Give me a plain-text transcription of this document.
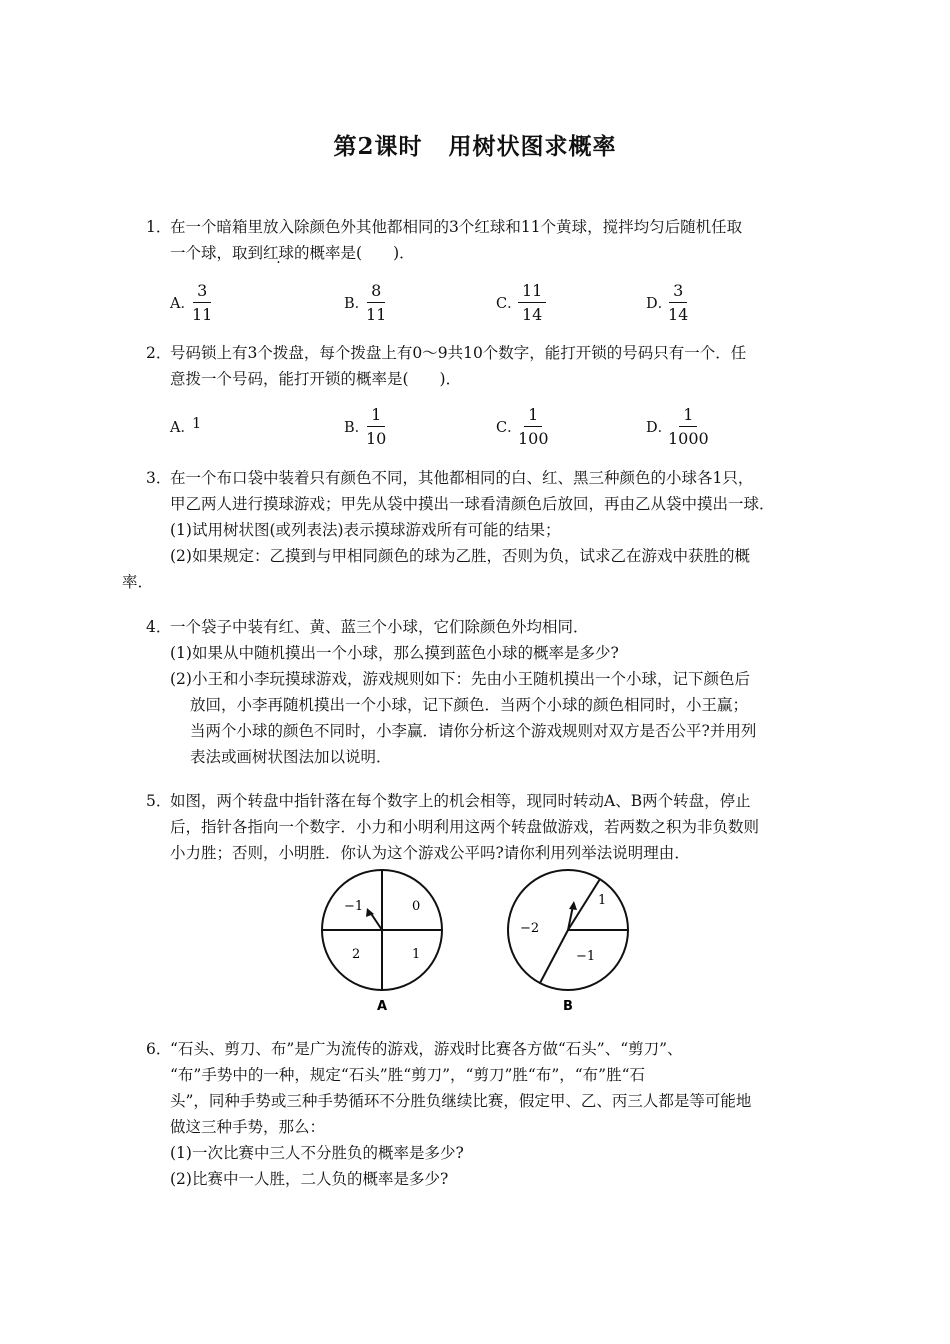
第2课时 用树状图求概率
1．
在一个暗箱里放入除颜色外其他都相同的3个红球和11个黄球，搅拌均匀后随机任取
一个球，取到红球的概率是(　　)．
A．
$\frac{3}{11}$	B．
$\frac{8}{11}$	C．
$\frac{11}{14}$	D．
$\frac{3}{14}$
2．
号码锁上有3个拨盘，每个拨盘上有0～9共10个数字，能打开锁的号码只有一个．任
意拨一个号码，能打开锁的概率是(　　)．
A．
1	B．
$\frac{1}{10}$	C．
$\frac{1}{100}$	D．
$\frac{1}{1000}$
3．
在一个布口袋中装着只有颜色不同，其他都相同的白、红、黑三种颜色的小球各1只，
甲乙两人进行摸球游戏；甲先从袋中摸出一球看清颜色后放回，再由乙从袋中摸出一球．
(1)试用树状图(或列表法)表示摸球游戏所有可能的结果；
(2)如果规定：乙摸到与甲相同颜色的球为乙胜，否则为负，试求乙在游戏中获胜的概
率．
4．
一个袋子中装有红、黄、蓝三个小球，它们除颜色外均相同．
(1)如果从中随机摸出一个小球，那么摸到蓝色小球的概率是多少?
(2)小王和小李玩摸球游戏，游戏规则如下：先由小王随机摸出一个小球，记下颜色后
放回，小李再随机摸出一个小球，记下颜色．当两个小球的颜色相同时，小王赢；
当两个小球的颜色不同时，小李赢．请你分析这个游戏规则对双方是否公平?并用列
表法或画树状图法加以说明．
5．
如图，两个转盘中指针落在每个数字上的机会相等，现同时转动A、B两个转盘，停止
后，指针各指向一个数字．小力和小明利用这两个转盘做游戏，若两数之积为非负数则
小力胜；否则，小明胜．你认为这个游戏公平吗?请你利用列举法说明理由．
−1	0
2	1
A
1
−2
−1
B
6．
“石头、剪刀、布”是广为流传的游戏，游戏时比赛各方做“石头”、“剪刀”、
“布”手势中的一种，规定“石头”胜“剪刀”，“剪刀”胜“布”，“布”胜“石
头”，同种手势或三种手势循环不分胜负继续比赛，假定甲、乙、丙三人都是等可能地
做这三种手势，那么：
(1)一次比赛中三人不分胜负的概率是多少?
(2)比赛中一人胜，二人负的概率是多少?
